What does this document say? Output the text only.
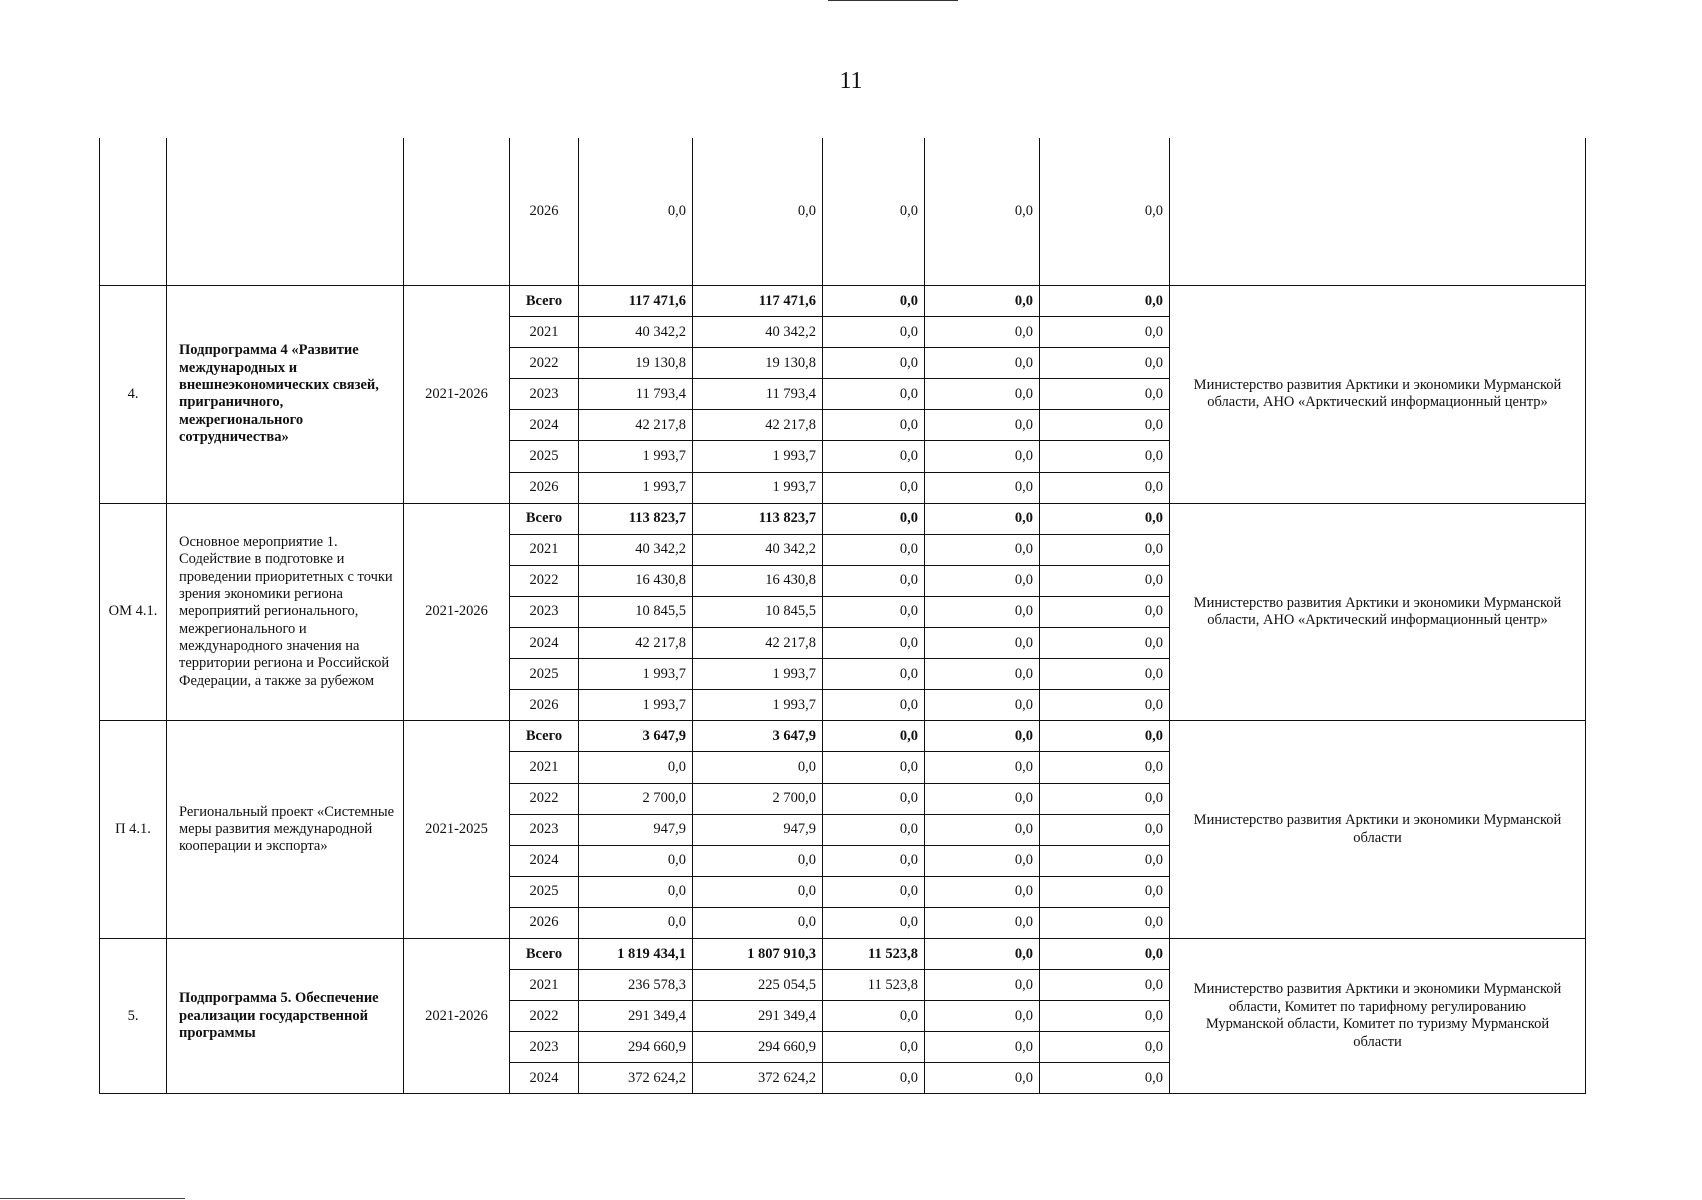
11
			2026	0,0	0,0	0,0	0,0	0,0	
4.	Подпрограмма 4 «Развитие международных и внешнеэкономических связей, приграничного, межрегионального сотрудничества»	2021-2026	Всего	117 471,6	117 471,6	0,0	0,0	0,0	Министерство развития Арктики и экономики Мурманской области, АНО «Арктический информационный центр»
			2021	40 342,2	40 342,2	0,0	0,0	0,0	
			2022	19 130,8	19 130,8	0,0	0,0	0,0	
			2023	11 793,4	11 793,4	0,0	0,0	0,0	
			2024	42 217,8	42 217,8	0,0	0,0	0,0	
			2025	1 993,7	1 993,7	0,0	0,0	0,0	
			2026	1 993,7	1 993,7	0,0	0,0	0,0	
ОМ 4.1.	Основное мероприятие 1. Содействие в подготовке и проведении приоритетных с точки зрения экономики региона мероприятий регионального, межрегионального и международного значения на территории региона и Российской Федерации, а также за рубежом	2021-2026	Всего	113 823,7	113 823,7	0,0	0,0	0,0	Министерство развития Арктики и экономики Мурманской области, АНО «Арктический информационный центр»
			2021	40 342,2	40 342,2	0,0	0,0	0,0	
			2022	16 430,8	16 430,8	0,0	0,0	0,0	
			2023	10 845,5	10 845,5	0,0	0,0	0,0	
			2024	42 217,8	42 217,8	0,0	0,0	0,0	
			2025	1 993,7	1 993,7	0,0	0,0	0,0	
			2026	1 993,7	1 993,7	0,0	0,0	0,0	
П 4.1.	Региональный проект «Системные меры развития международной кооперации и экспорта»	2021-2025	Всего	3 647,9	3 647,9	0,0	0,0	0,0	Министерство развития Арктики и экономики Мурманской области
			2021	0,0	0,0	0,0	0,0	0,0	
			2022	2 700,0	2 700,0	0,0	0,0	0,0	
			2023	947,9	947,9	0,0	0,0	0,0	
			2024	0,0	0,0	0,0	0,0	0,0	
			2025	0,0	0,0	0,0	0,0	0,0	
			2026	0,0	0,0	0,0	0,0	0,0	
5.	Подпрограмма 5. Обеспечение реализации государственной программы	2021-2026	Всего	1 819 434,1	1 807 910,3	11 523,8	0,0	0,0	Министерство развития Арктики и экономики Мурманской области, Комитет по тарифному регулированию Мурманской области, Комитет по туризму Мурманской области
			2021	236 578,3	225 054,5	11 523,8	0,0	0,0	
			2022	291 349,4	291 349,4	0,0	0,0	0,0	
			2023	294 660,9	294 660,9	0,0	0,0	0,0	
			2024	372 624,2	372 624,2	0,0	0,0	0,0	
